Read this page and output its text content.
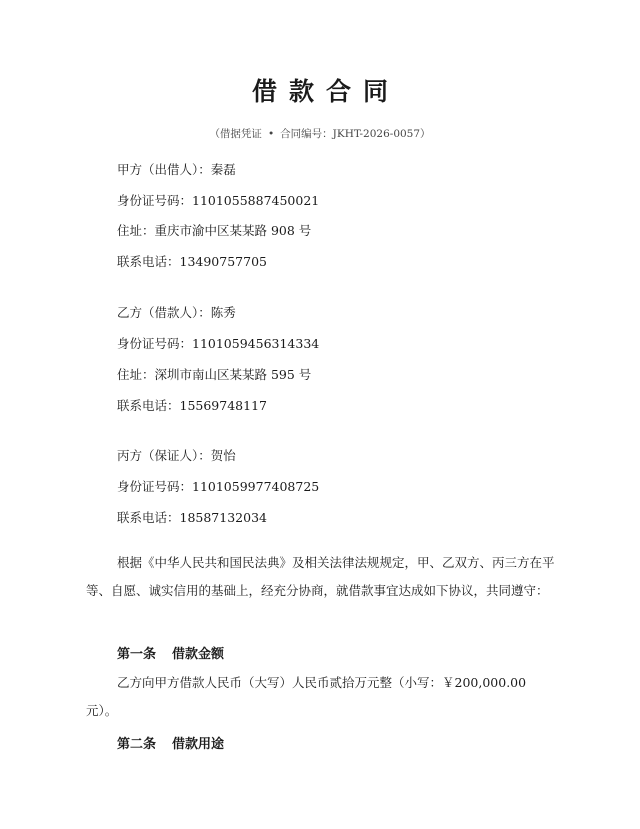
借款合同
（借据凭证 • 合同编号：JKHT-2026-0057）
甲方（出借人）：秦磊
身份证号码：1101055887450021
住址：重庆市渝中区某某路 908 号
联系电话：13490757705
乙方（借款人）：陈秀
身份证号码：1101059456314334
住址：深圳市南山区某某路 595 号
联系电话：15569748117
丙方（保证人）：贺怡
身份证号码：1101059977408725
联系电话：18587132034
根据《中华人民共和国民法典》及相关法律法规规定，甲、乙双方、丙三方在平等、自愿、诚实信用的基础上，经充分协商，就借款事宜达成如下协议，共同遵守：
第一条 借款金额
乙方向甲方借款人民币（大写）人民币贰拾万元整（小写：￥200,000.00元）。
第二条 借款用途
